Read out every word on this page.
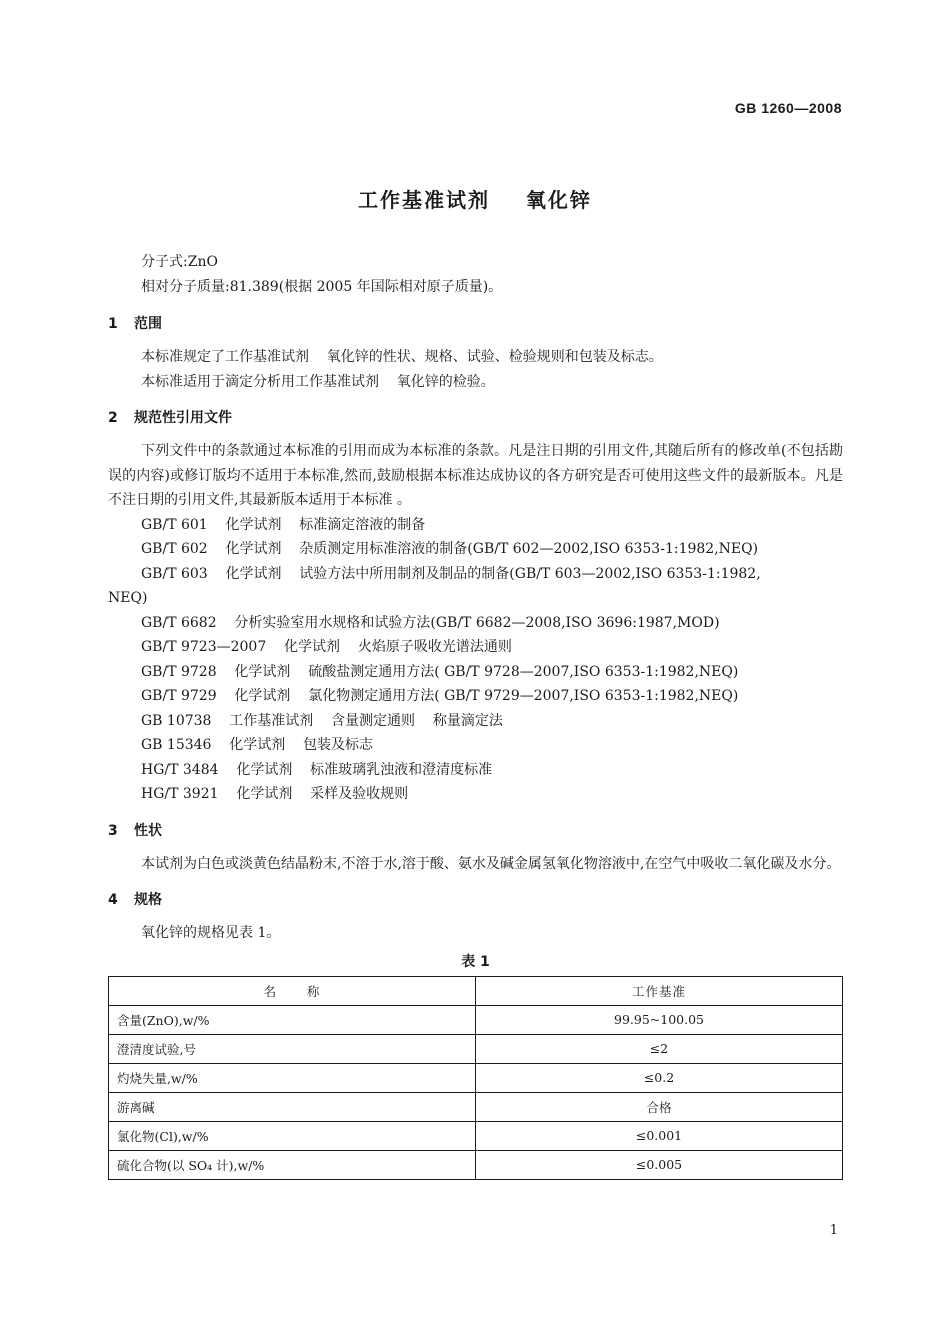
GB 1260—2008
工作基准试剂    氧化锌
分子式:ZnO
相对分子质量:81.389(根据 2005 年国际相对原子质量)。
1 范围
本标准规定了工作基准试剂    氧化锌的性状、规格、试验、检验规则和包装及标志。
本标准适用于滴定分析用工作基准试剂    氧化锌的检验。
2 规范性引用文件
下列文件中的条款通过本标准的引用而成为本标准的条款。凡是注日期的引用文件,其随后所有的修改单(不包括勘误的内容)或修订版均不适用于本标准,然而,鼓励根据本标准达成协议的各方研究是否可使用这些文件的最新版本。凡是不注日期的引用文件,其最新版本适用于本标准 。
GB/T 601    化学试剂    标准滴定溶液的制备
GB/T 602    化学试剂    杂质测定用标准溶液的制备(GB/T 602—2002,ISO 6353-1:1982,NEQ)
GB/T 603    化学试剂    试验方法中所用制剂及制品的制备(GB/T 603—2002,ISO 6353-1:1982,
NEQ)
GB/T 6682    分析实验室用水规格和试验方法(GB/T 6682—2008,ISO 3696:1987,MOD)
GB/T 9723—2007    化学试剂    火焰原子吸收光谱法通则
GB/T 9728    化学试剂    硫酸盐测定通用方法( GB/T 9728—2007,ISO 6353-1:1982,NEQ)
GB/T 9729    化学试剂    氯化物测定通用方法( GB/T 9729—2007,ISO 6353-1:1982,NEQ)
GB 10738    工作基准试剂    含量测定通则    称量滴定法
GB 15346    化学试剂    包装及标志
HG/T 3484    化学试剂    标准玻璃乳浊液和澄清度标准
HG/T 3921    化学试剂    采样及验收规则
3 性状
本试剂为白色或淡黄色结晶粉末,不溶于水,溶于酸、氨水及碱金属氢氧化物溶液中,在空气中吸收二氧化碳及水分。
4 规格
氧化锌的规格见表 1。
表 1
名      称	工作基准
含量(ZnO),w/%	99.95~100.05
澄清度试验,号	≤2
灼烧失量,w/%	≤0.2
游离碱	合格
氯化物(Cl),w/%	≤0.001
硫化合物(以 SO₄ 计),w/%	≤0.005
1
